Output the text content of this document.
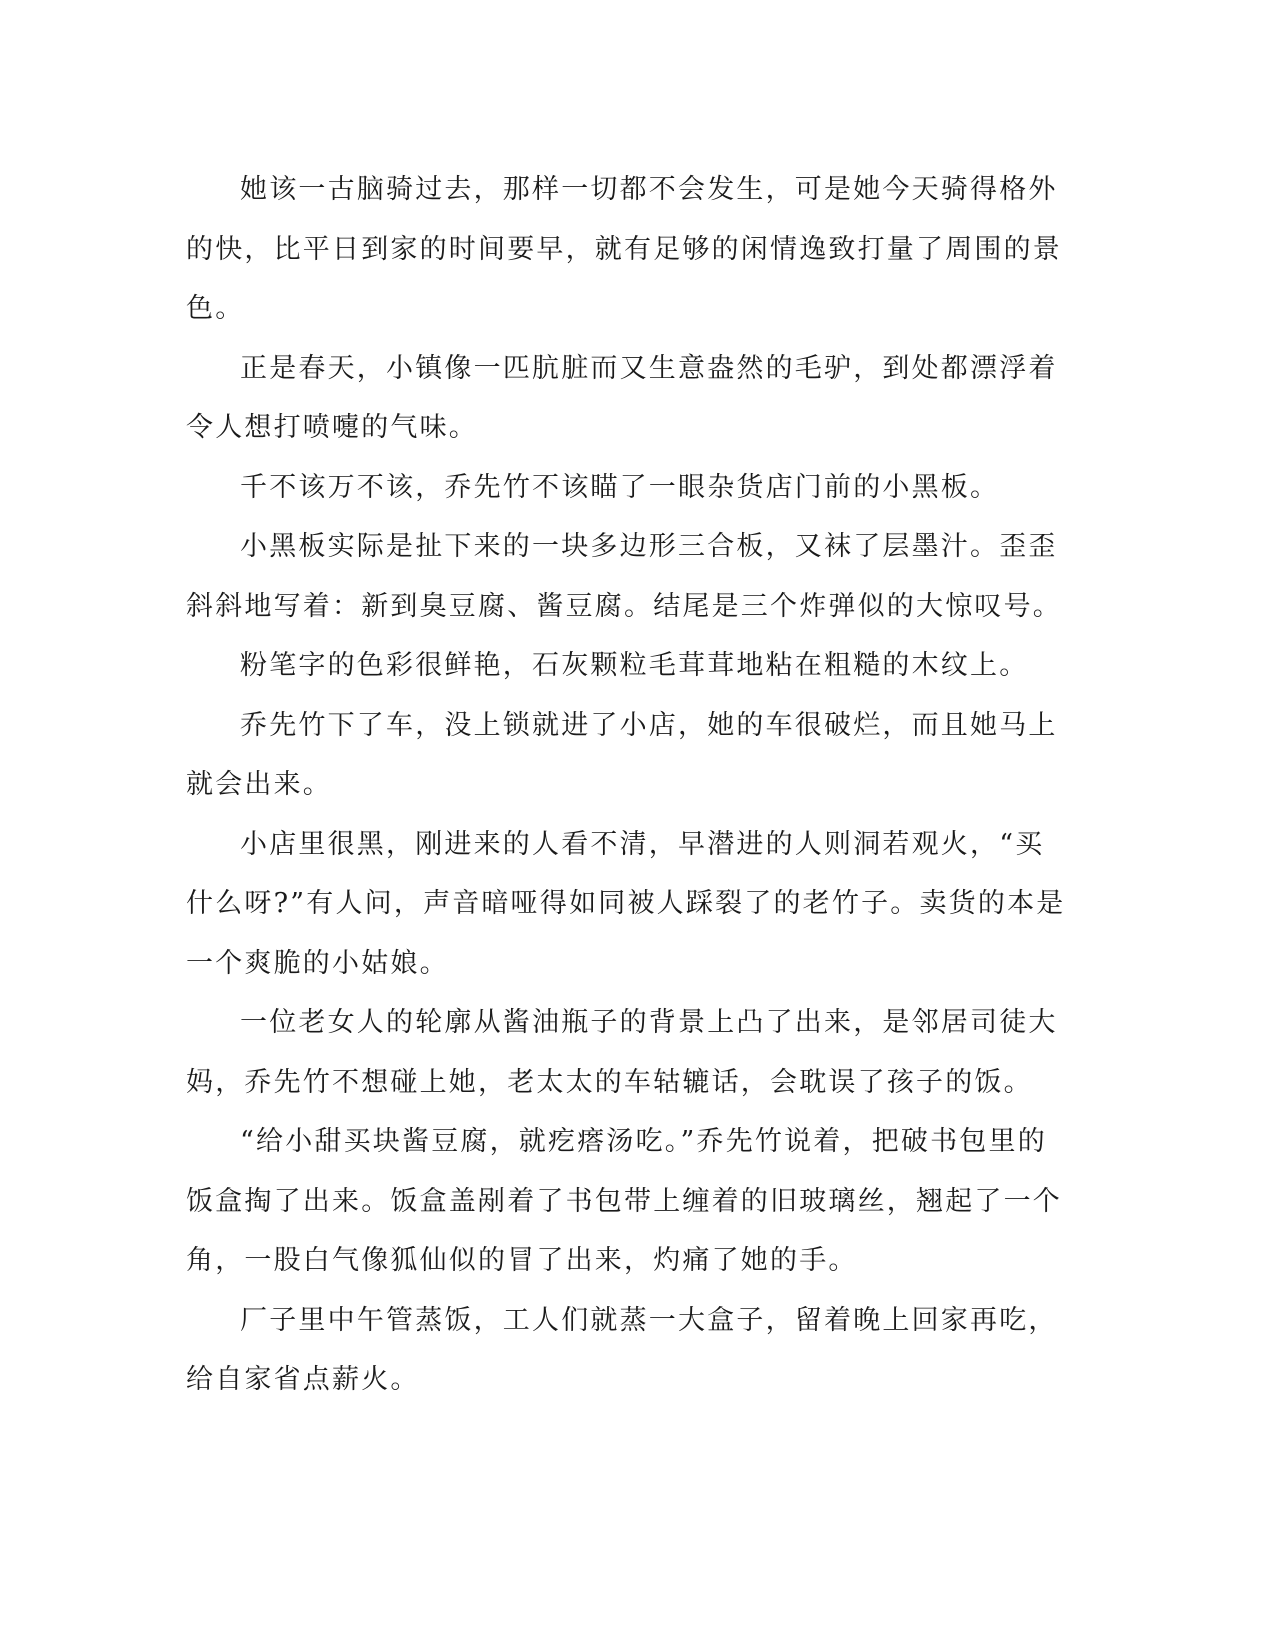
她该一古脑骑过去，那样一切都不会发生，可是她今天骑得格外的快，比平日到家的时间要早，就有足够的闲情逸致打量了周围的景色。

正是春天，小镇像一匹肮脏而又生意盎然的毛驴，到处都漂浮着令人想打喷嚏的气味。

千不该万不该，乔先竹不该瞄了一眼杂货店门前的小黑板。

小黑板实际是扯下来的一块多边形三合板，又袜了层墨汁。歪歪斜斜地写着：新到臭豆腐、酱豆腐。结尾是三个炸弹似的大惊叹号。

粉笔字的色彩很鲜艳，石灰颗粒毛茸茸地粘在粗糙的木纹上。

乔先竹下了车，没上锁就进了小店，她的车很破烂，而且她马上就会出来。

小店里很黑，刚进来的人看不清，早潜进的人则洞若观火，“买什么呀?”有人问，声音暗哑得如同被人踩裂了的老竹子。卖货的本是一个爽脆的小姑娘。

一位老女人的轮廓从酱油瓶子的背景上凸了出来，是邻居司徒大妈，乔先竹不想碰上她，老太太的车轱辘话，会耽误了孩子的饭。

“给小甜买块酱豆腐，就疙瘩汤吃。”乔先竹说着，把破书包里的饭盒掏了出来。饭盒盖剐着了书包带上缠着的旧玻璃丝，翘起了一个角，一股白气像狐仙似的冒了出来，灼痛了她的手。

厂子里中午管蒸饭，工人们就蒸一大盒子，留着晚上回家再吃，给自家省点薪火。
